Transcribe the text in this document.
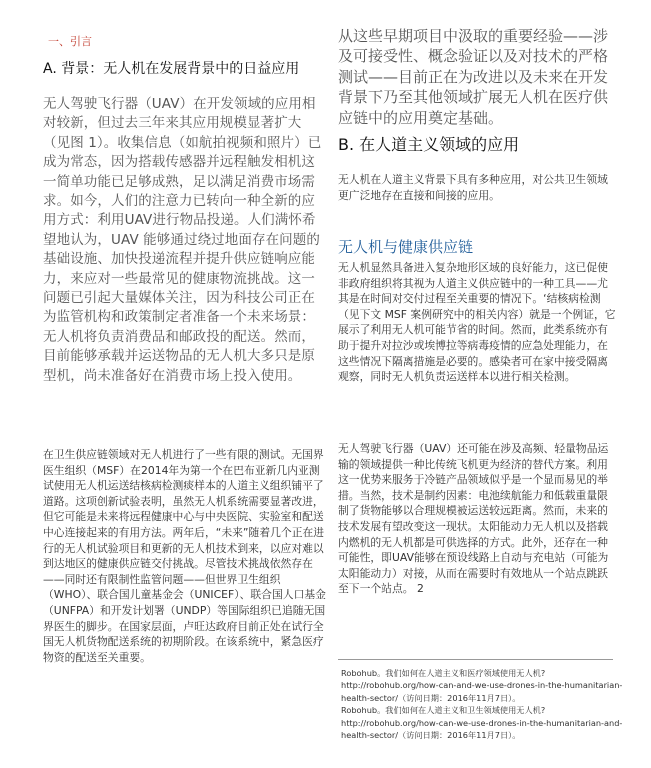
一、引言
A. 背景：无人机在发展背景中的日益应用
无人驾驶飞行器（UAV）在开发领域的应用相对较新，但过去三年来其应用规模显著扩大（见图 1）。收集信息（如航拍视频和照片）已成为常态，因为搭载传感器并远程触发相机这一简单功能已足够成熟，足以满足消费市场需求。如今，人们的注意力已转向一种全新的应用方式：利用UAV进行物品投递。人们满怀希望地认为，UAV 能够通过绕过地面存在问题的基础设施、加快投递流程并提升供应链响应能力，来应对一些最常见的健康物流挑战。这一问题已引起大量媒体关注，因为科技公司正在为监管机构和政策制定者准备一个未来场景：无人机将负责消费品和邮政投的配送。然而，目前能够承载并运送物品的无人机大多只是原型机，尚未准备好在消费市场上投入使用。
在卫生供应链领域对无人机进行了一些有限的测试。无国界医生组织（MSF）在2014年为第一个在巴布亚新几内亚测试使用无人机运送结核病检测痰样本的人道主义组织铺平了道路。这项创新试验表明，虽然无人机系统需要显著改进，但它可能是未来将远程健康中心与中央医院、实验室和配送中心连接起来的有用方法。两年后，“未来”随着几个正在进行的无人机试验项目和更新的无人机技术到来，以应对难以到达地区的健康供应链交付挑战。尽管技术挑战依然存在——同时还有限制性监管问题——但世界卫生组织（WHO）、联合国儿童基金会（UNICEF）、联合国人口基金（UNFPA）和开发计划署（UNDP）等国际组织已追随无国界医生的脚步。在国家层面，卢旺达政府目前正处在试行全国无人机货物配送系统的初期阶段。在该系统中，紧急医疗物资的配送至关重要。
从这些早期项目中汲取的重要经验——涉及可接受性、概念验证以及对技术的严格测试——目前正在为改进以及未来在开发背景下乃至其他领域扩展无人机在医疗供应链中的应用奠定基础。
B. 在人道主义领域的应用
无人机在人道主义背景下具有多种应用，对公共卫生领域更广泛地存在直接和间接的应用。
无人机与健康供应链
无人机显然具备进入复杂地形区域的良好能力，这已促使非政府组织将其视为人道主义供应链中的一种工具——尤其是在时间对交付过程至关重要的情况下。‘结核病检测（见下文 MSF 案例研究中的相关内容）就是一个例证，它展示了利用无人机可能节省的时间。然而，此类系统亦有助于提升对拉沙或埃博拉等病毒疫情的应急处理能力，在这些情况下隔离措施是必要的。感染者可在家中接受隔离观察，同时无人机负责运送样本以进行相关检测。
无人驾驶飞行器（UAV）还可能在涉及高频、轻量物品运输的领域提供一种比传统飞机更为经济的替代方案。利用这一优势来服务于冷链产品领域似乎是一个显而易见的举措。当然，技术是制约因素：电池续航能力和低载重量限制了货物能够以合理规模被运送较远距离。然而，未来的技术发展有望改变这一现状。太阳能动力无人机以及搭载内燃机的无人机都是可供选择的方式。此外，还存在一种可能性，即UAV能够在预设线路上自动与充电站（可能为太阳能动力）对接，从而在需要时有效地从一个站点跳跃至下一个站点。 2

Robohub。我们如何在人道主义和医疗领域使用无人机? http://robohub.org/how-can-and-we-use-drones-in-the-humanitarian-health-sector/（访问日期：2016年11月7日）。

Robohub。我们如何在人道主义和卫生领域使用无人机? http://robohub.org/how-can-we-use-drones-in-the-humanitarian-and-health-sector/（访问日期：2016年11月7日）。
